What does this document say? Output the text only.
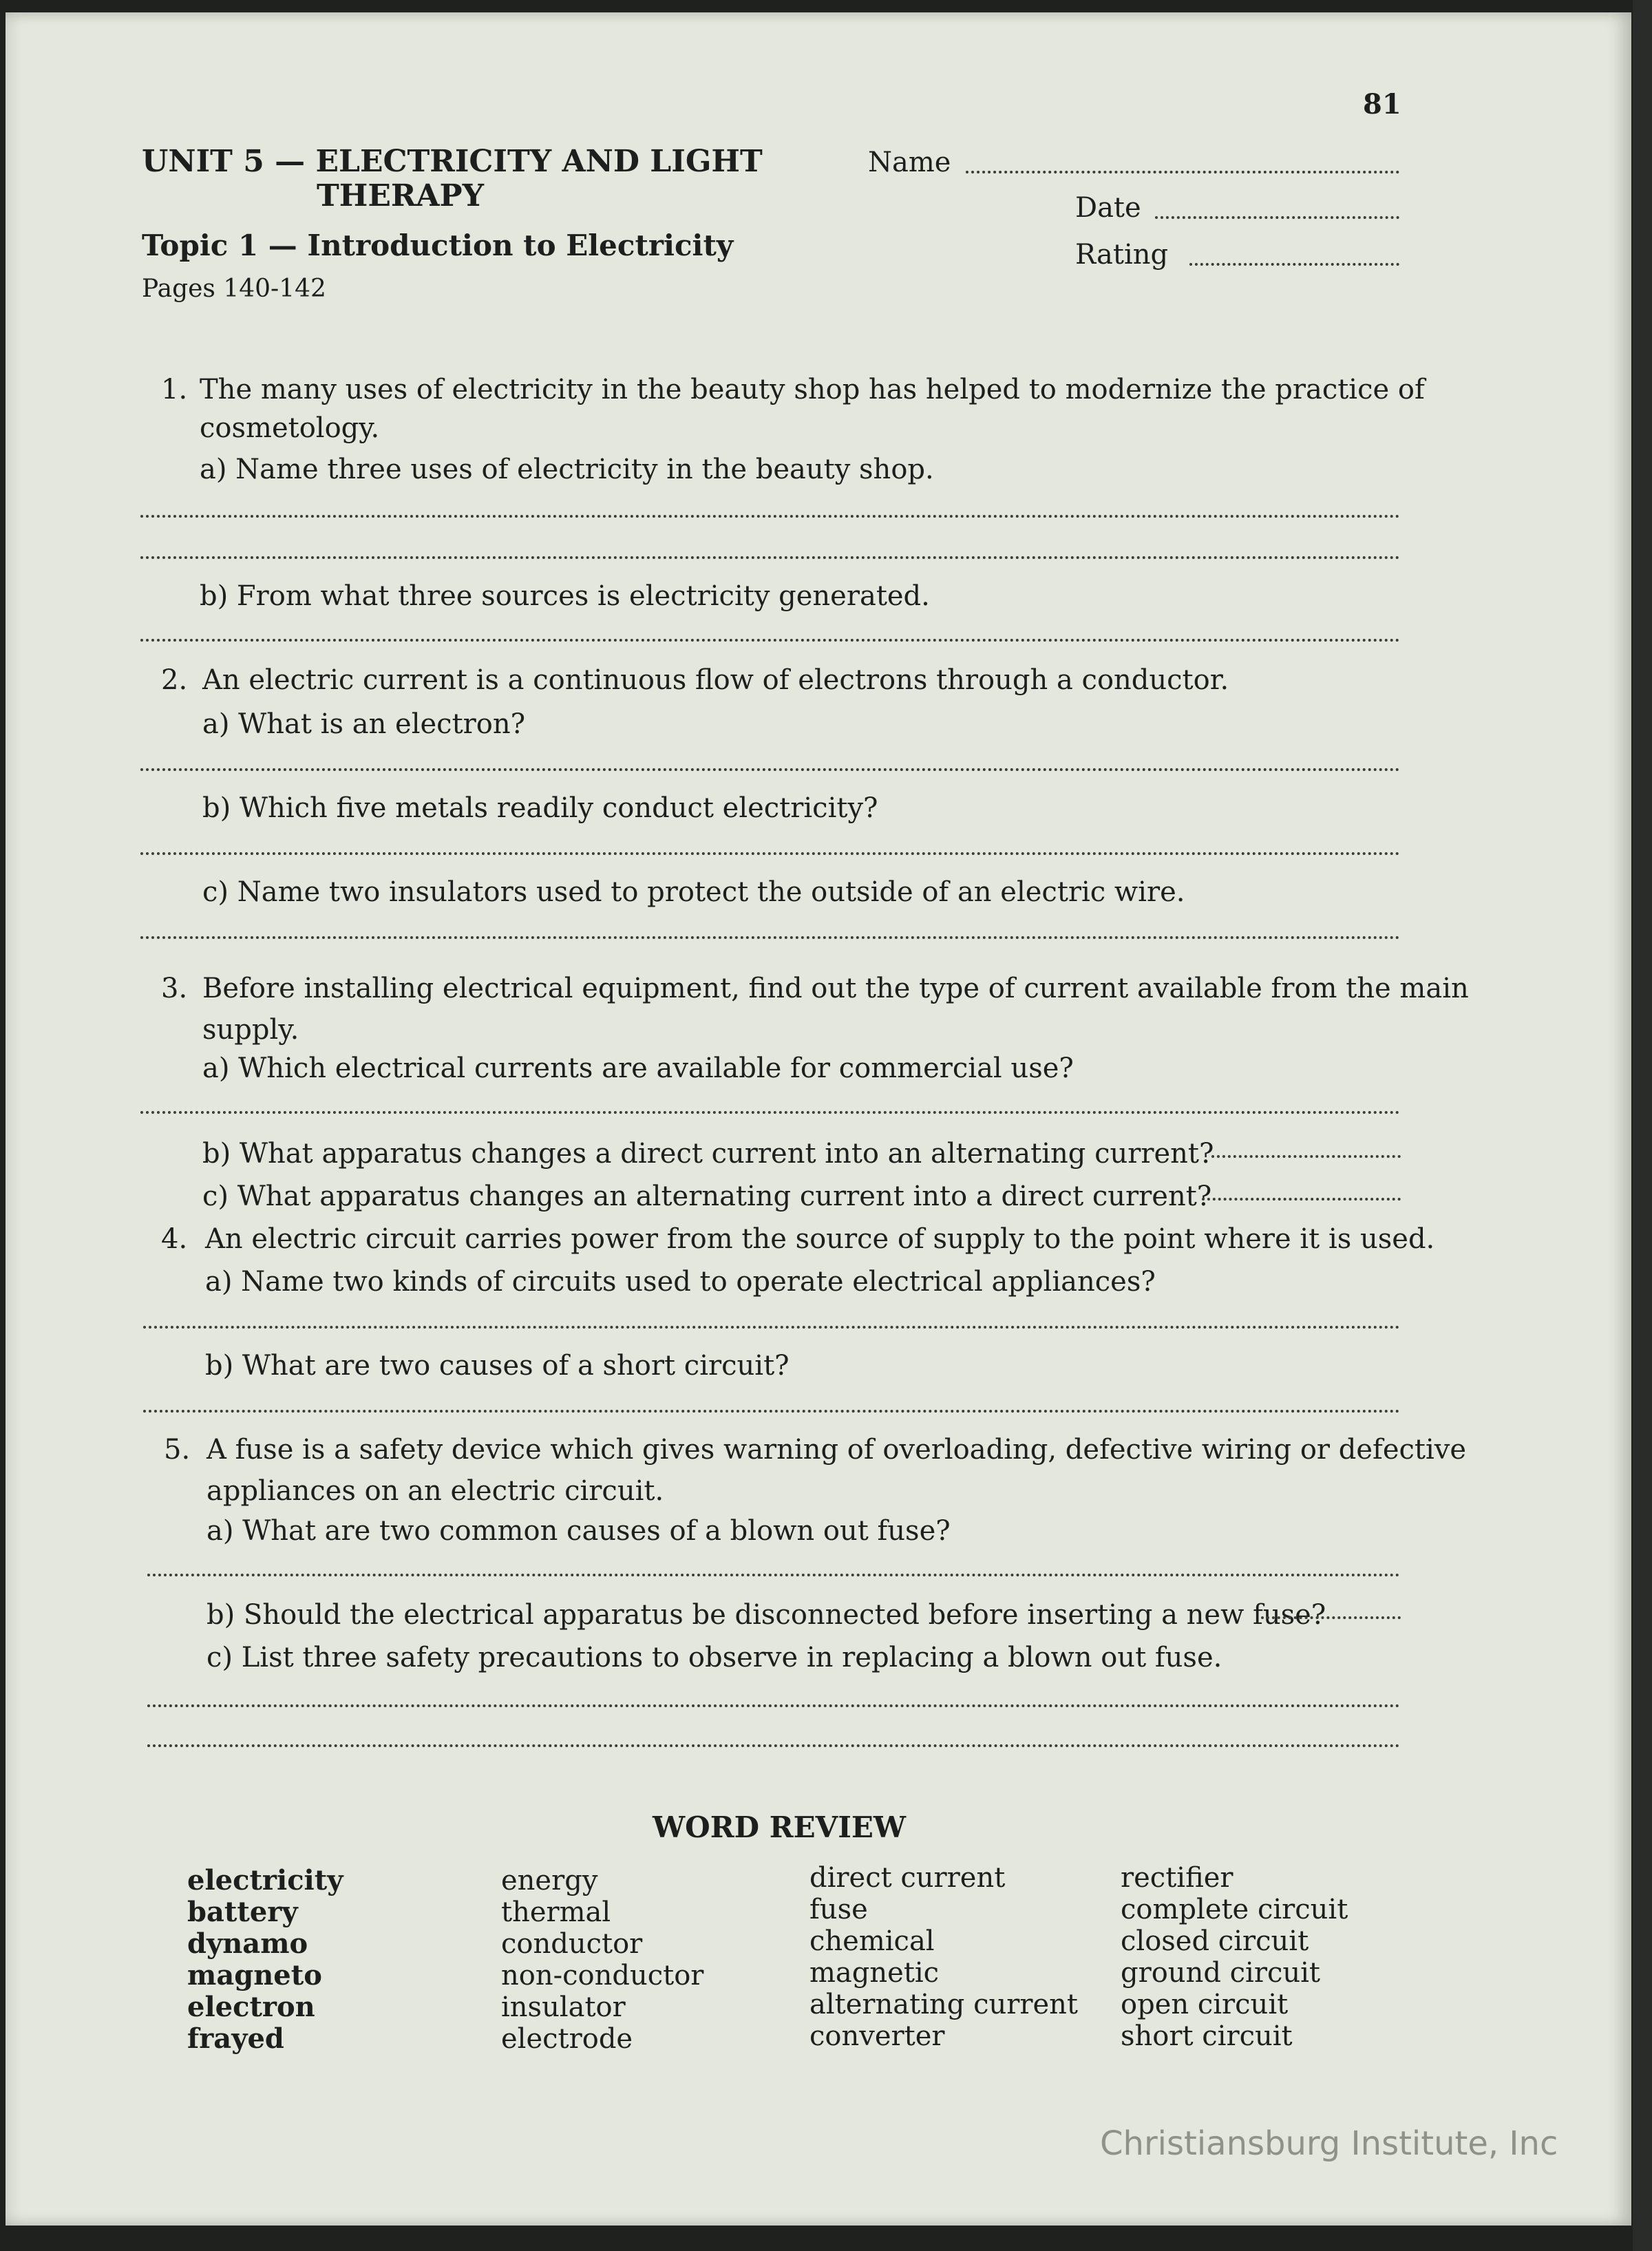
81
UNIT 5 — ELECTRICITY AND LIGHT
THERAPY
Topic 1 — Introduction to Electricity
Pages 140-142
Name
Date
Rating
1. The many uses of electricity in the beauty shop has helped to modernize the practice of
cosmetology.
a) Name three uses of electricity in the beauty shop.
b) From what three sources is electricity generated.
2. An electric current is a continuous flow of electrons through a conductor.
a) What is an electron?
b) Which five metals readily conduct electricity?
c) Name two insulators used to protect the outside of an electric wire.
3. Before installing electrical equipment, find out the type of current available from the main
supply.
a) Which electrical currents are available for commercial use?
b) What apparatus changes a direct current into an alternating current?
c) What apparatus changes an alternating current into a direct current?
4. An electric circuit carries power from the source of supply to the point where it is used.
a) Name two kinds of circuits used to operate electrical appliances?
b) What are two causes of a short circuit?
5. A fuse is a safety device which gives warning of overloading, defective wiring or defective
appliances on an electric circuit.
a) What are two common causes of a blown out fuse?
b) Should the electrical apparatus be disconnected before inserting a new fuse?
c) List three safety precautions to observe in replacing a blown out fuse.
WORD REVIEW
electricity
battery
dynamo
magneto
electron
frayed
energy
thermal
conductor
non-conductor
insulator
electrode
direct current
fuse
chemical
magnetic
alternating current
converter
rectifier
complete circuit
closed circuit
ground circuit
open circuit
short circuit
Christiansburg Institute, Inc
